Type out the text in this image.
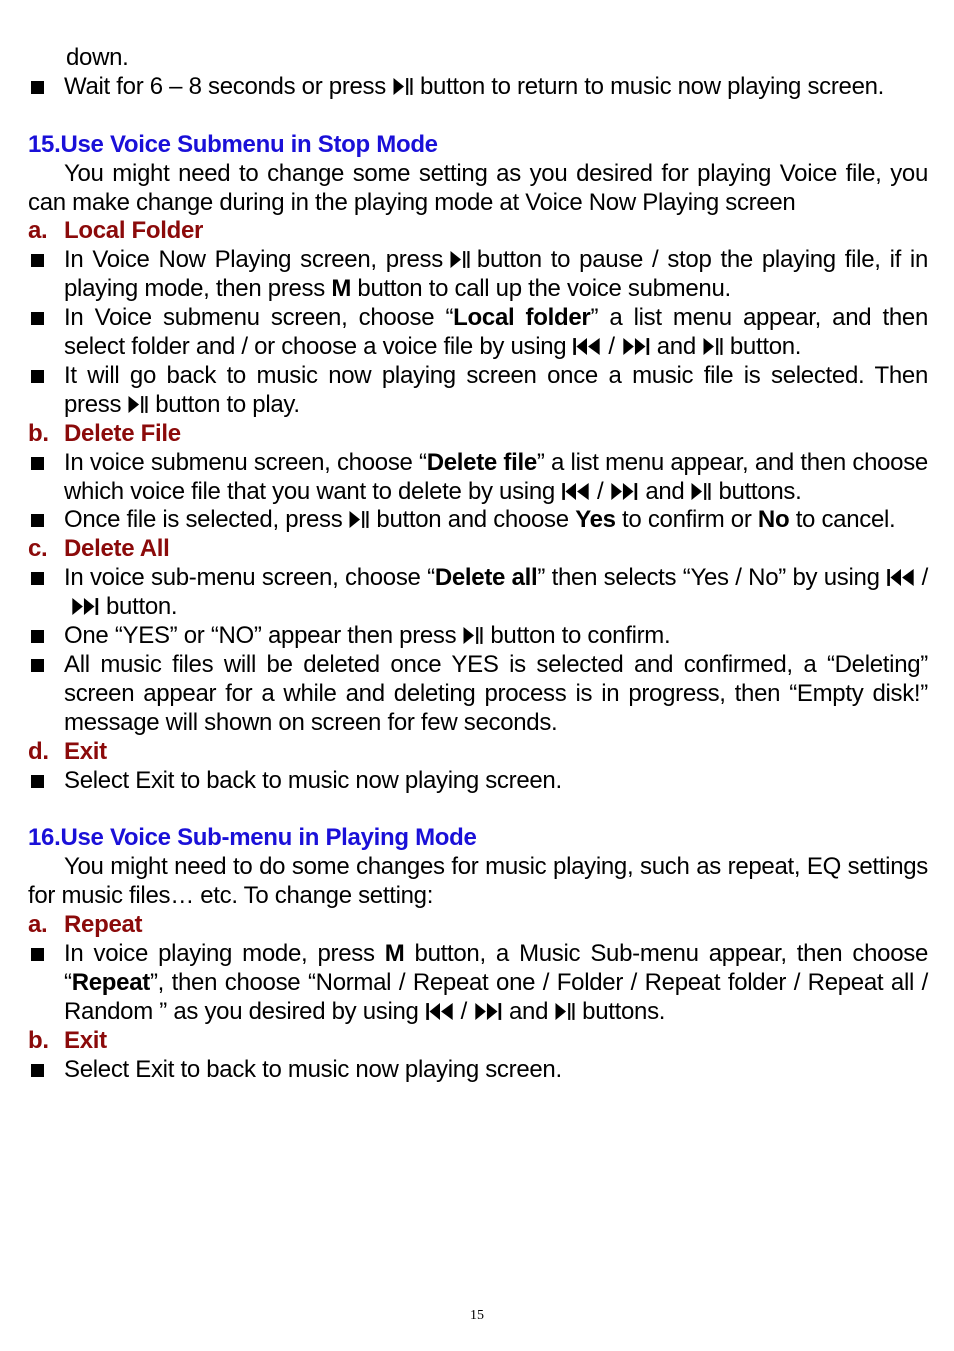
down.

Wait for 6 – 8 seconds or press button to return to music now playing screen.

15.Use Voice Submenu in Stop Mode

You might need to change some setting as you desired for playing Voice file, you can make change during in the playing mode at Voice Now Playing screen

a. Local Folder
In Voice Now Playing screen, press button to pause / stop the playing file, if in playing mode, then press M button to call up the voice submenu.
In Voice submenu screen, choose “Local folder” a list menu appear, and then select folder and / or choose a voice file by using / and button.
It will go back to music now playing screen once a music file is selected. Then press button to play.
b. Delete File
In voice submenu screen, choose “Delete file” a list menu appear, and then choose which voice file that you want to delete by using / and buttons.
Once file is selected, press button and choose Yes to confirm or No to cancel.
c. Delete All
In voice sub-menu screen, choose “Delete all” then selects “Yes / No” by using /
button.
One “YES” or “NO” appear then press button to confirm.
All music files will be deleted once YES is selected and confirmed, a “Deleting” screen appear for a while and deleting process is in progress, then “Empty disk!” message will shown on screen for few seconds.
d. Exit
Select Exit to back to music now playing screen.

16.Use Voice Sub-menu in Playing Mode

You might need to do some changes for music playing, such as repeat, EQ settings for music files… etc. To change setting:

a. Repeat
In voice playing mode, press M button, a Music Sub-menu appear, then choose “Repeat”, then choose “Normal / Repeat one / Folder / Repeat folder / Repeat all / Random ” as you desired by using / and buttons.
b. Exit
Select Exit to back to music now playing screen.
15
